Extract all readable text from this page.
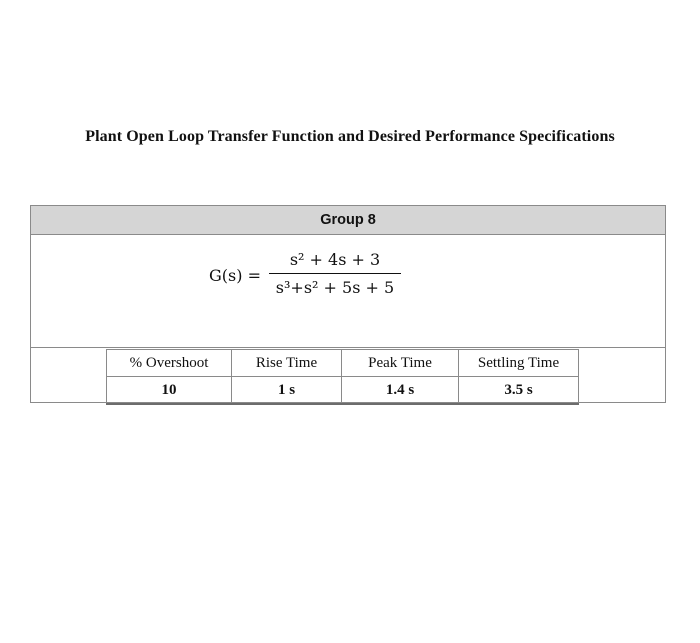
Plant Open Loop Transfer Function and Desired Performance Specifications
Group 8
G(s) =
s² + 4s + 3
s³+s² + 5s + 5
% Overshoot	Rise Time	Peak Time	Settling Time
10	1 s	1.4 s	3.5 s
